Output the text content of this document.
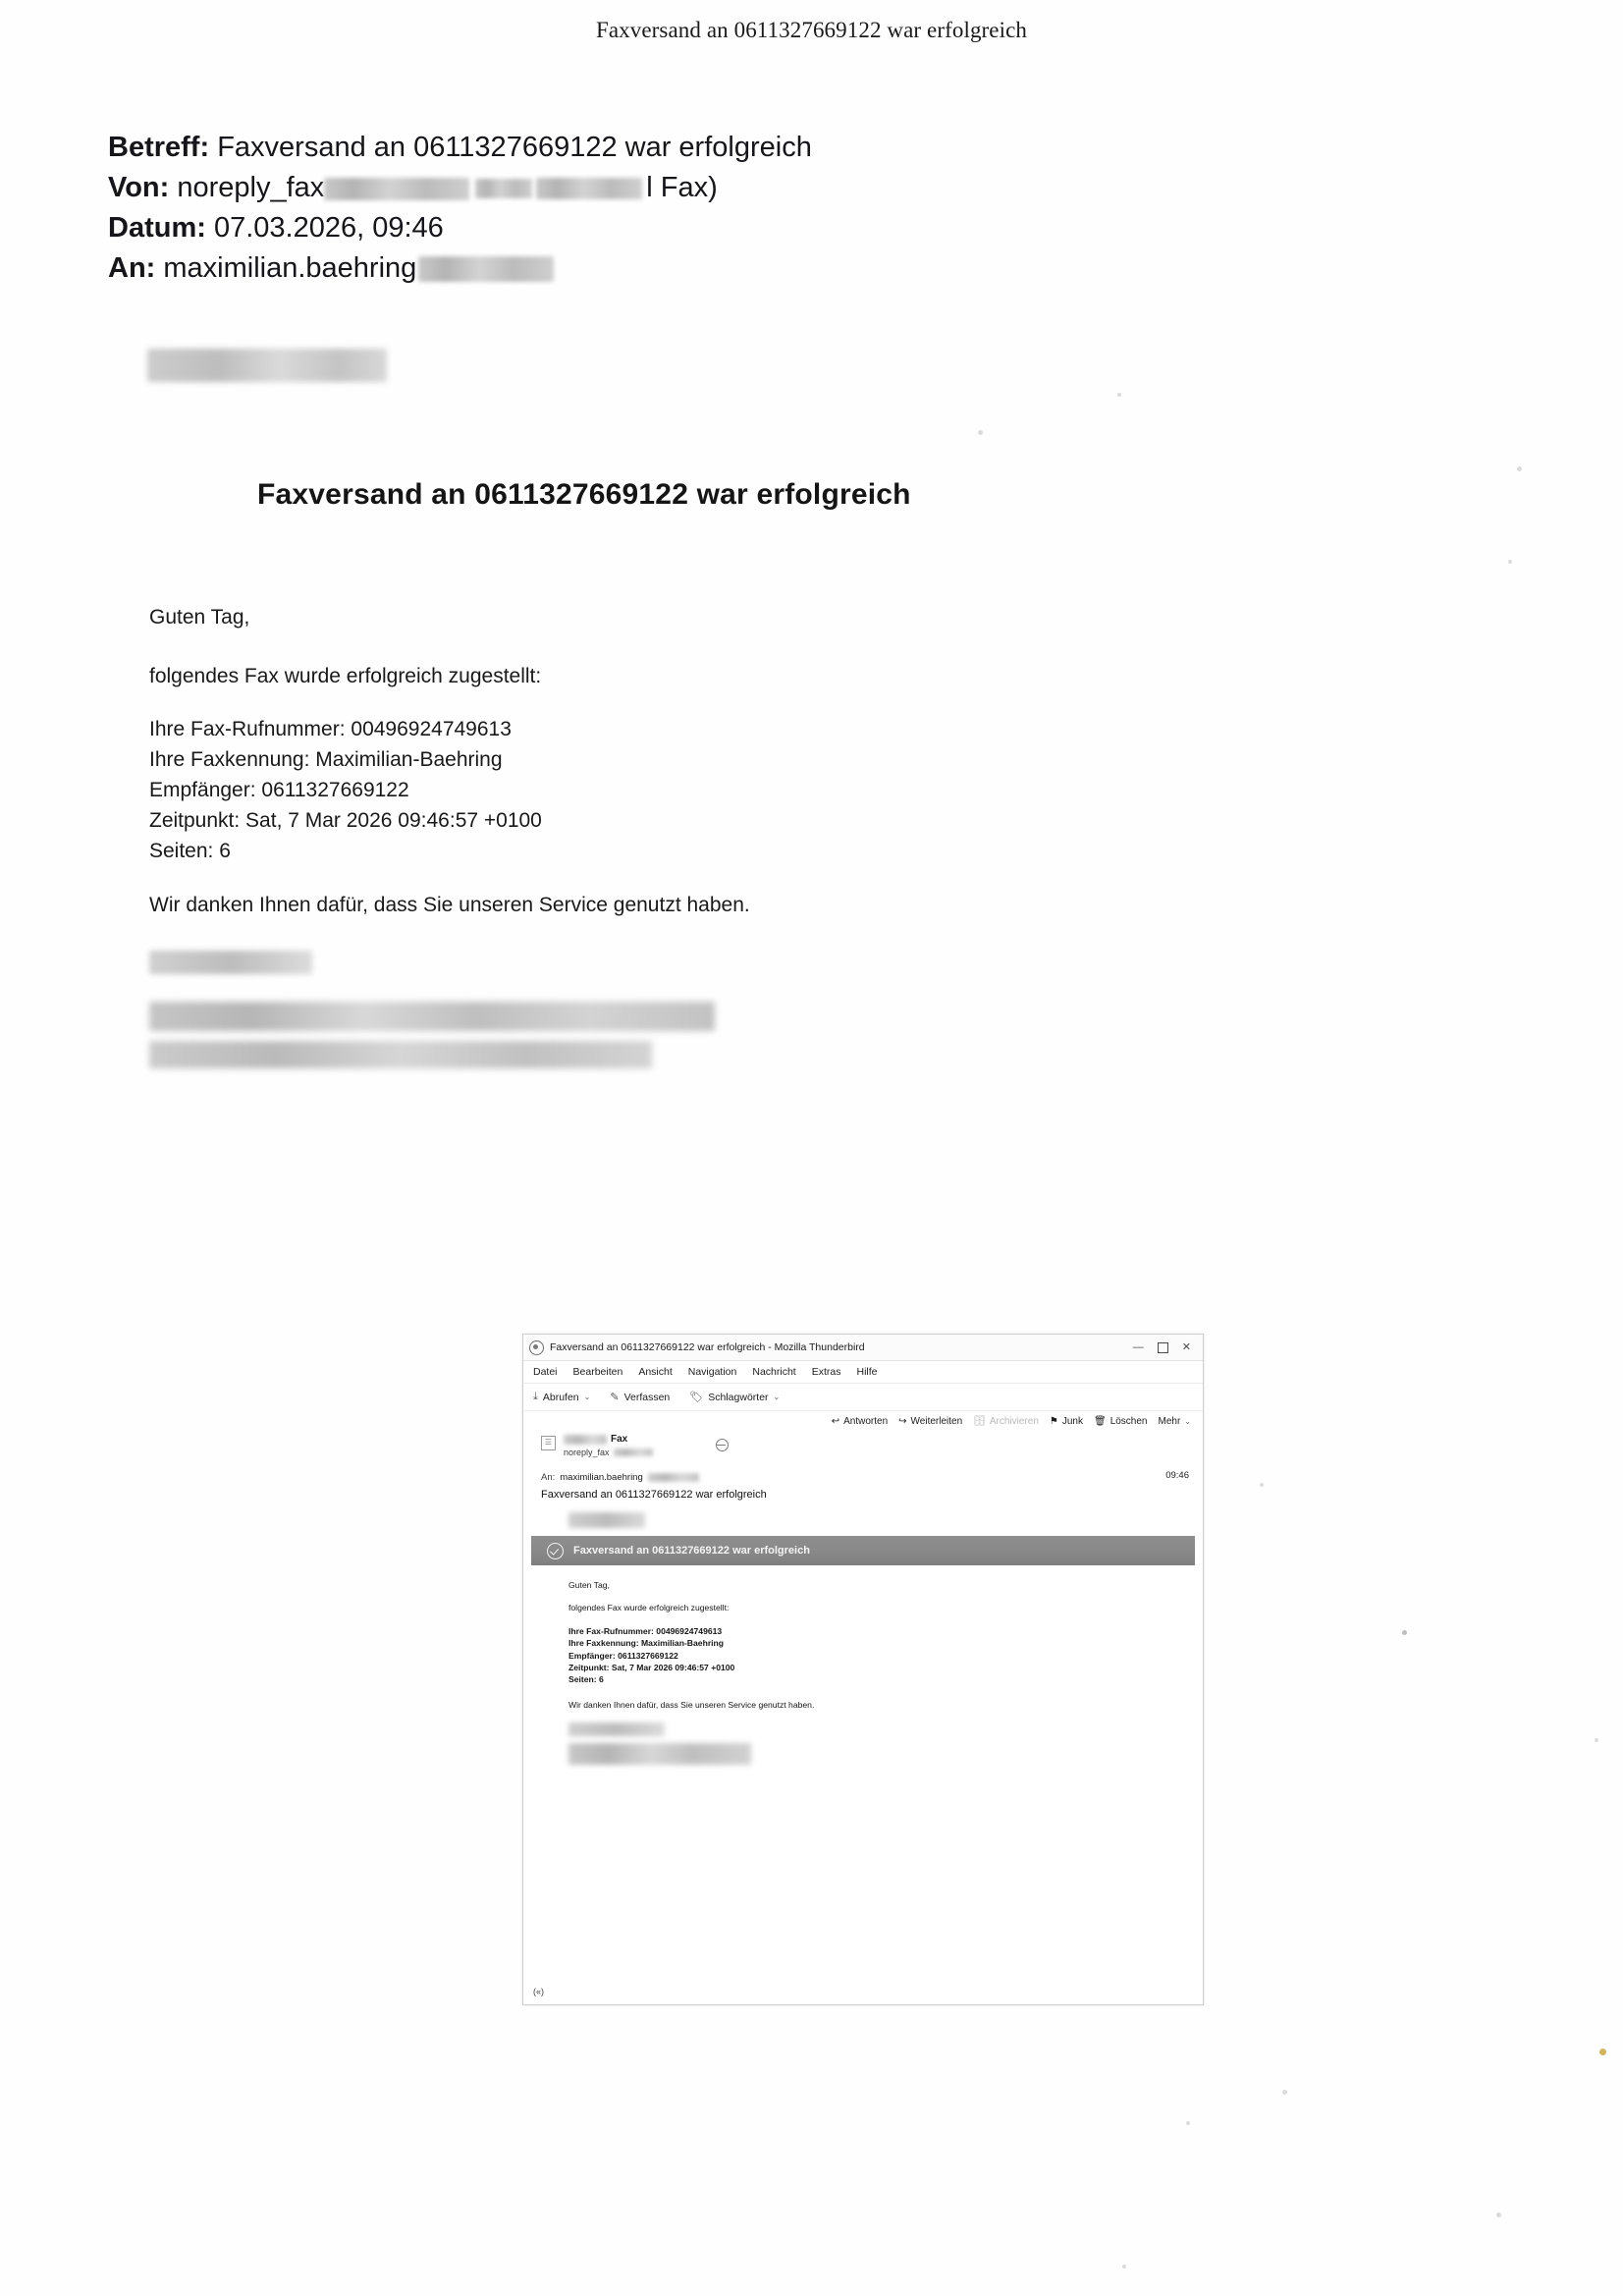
Faxversand an 0611327669122 war erfolgreich
Betreff: Faxversand an 0611327669122 war erfolgreich
Von: noreply_fax	l Fax)
Datum: 07.03.2026, 09:46
An: maximilian.baehring
Faxversand an 0611327669122 war erfolgreich
Guten Tag,
folgendes Fax wurde erfolgreich zugestellt:
Ihre Fax-Rufnummer: 00496924749613
Ihre Faxkennung: Maximilian-Baehring
Empfänger: 0611327669122
Zeitpunkt: Sat, 7 Mar 2026 09:46:57 +0100
Seiten: 6
Wir danken Ihnen dafür, dass Sie unseren Service genutzt haben.
Faxversand an 0611327669122 war erfolgreich - Mozilla Thunderbird	—	✕
Datei Bearbeiten Ansicht Navigation Nachricht Extras Hilfe
⤓ Abrufen ⌄ ✎ Verfassen 🏷 Schlagwörter ⌄
↩ Antworten ↪ Weiterleiten 🗄 Archivieren ⚑ Junk 🗑 Löschen Mehr ⌄
☰	Fax
noreply_fax
An: maximilian.baehring	09:46
Faxversand an 0611327669122 war erfolgreich
Faxversand an 0611327669122 war erfolgreich

Guten Tag,

folgendes Fax wurde erfolgreich zugestellt:

Ihre Fax-Rufnummer: 00496924749613
Ihre Faxkennung: Maximilian-Baehring
Empfänger: 0611327669122
Zeitpunkt: Sat, 7 Mar 2026 09:46:57 +0100
Seiten: 6

Wir danken Ihnen dafür, dass Sie unseren Service genutzt haben.

(«)
